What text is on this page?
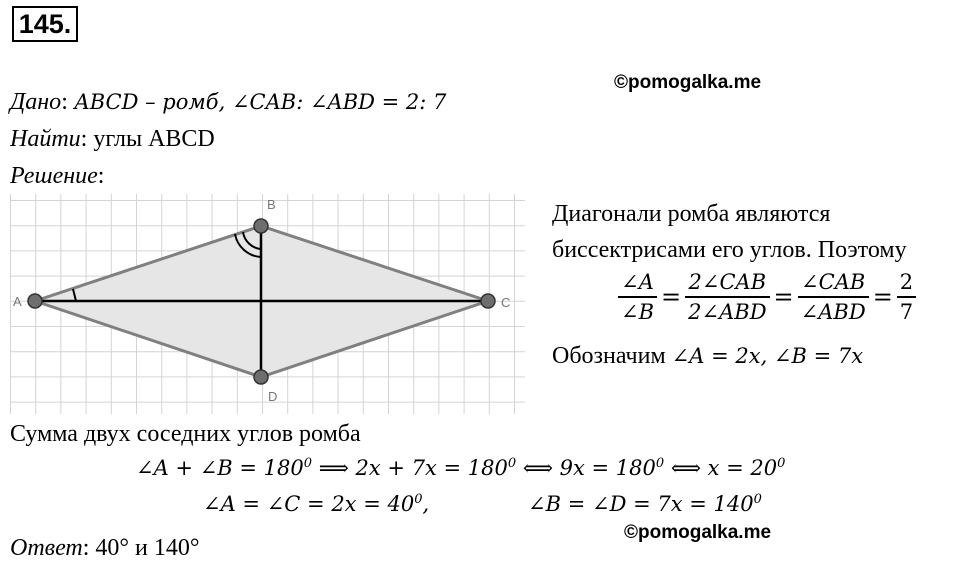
145.
©pomogalka.me
Дано: ABCD – ромб, ∠CAB: ∠ABD = 2: 7
Найти: углы ABCD
Решение:
A
B
C
D
Диагонали ромба являются
биссектрисами его углов. Поэтому
$\frac{\angle A}{\angle B} = \frac{\text{2∠CAB}}{\text{2∠ABD}} = \frac{\text{∠CAB}}{\text{∠ABD}} = \frac{2}{7}$
Обозначим ∠A = 2x, ∠B = 7x
Сумма двух соседних углов ромба
∠A + ∠B = $180^0$ ⟹ $2x + 7x = 180^0$ ⟺ $9x = 180^0$ ⟺ $x = 20^0$
∠A = ∠C = $2x = 40^0$,	∠B = ∠D = $7x = 140^0$
©pomogalka.me
Ответ: 40° и 140°
